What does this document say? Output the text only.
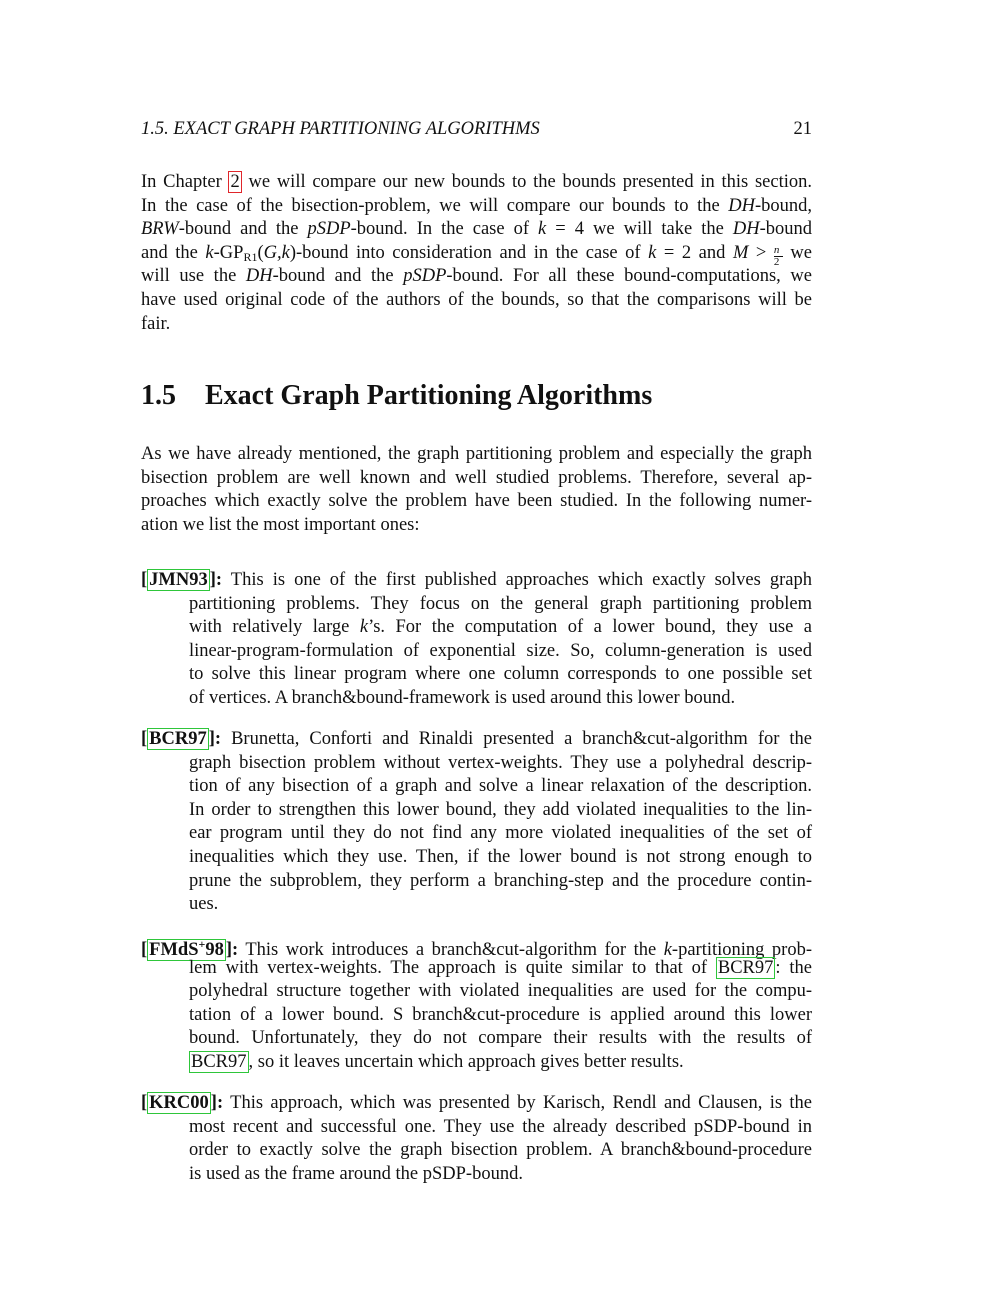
1.5. EXACT GRAPH PARTITIONING ALGORITHMS	21
In Chapter 2 we will compare our new bounds to the bounds presented in this section.
In the case of the bisection-problem, we will compare our bounds to the DH-bound,
BRW-bound and the pSDP-bound. In the case of k = 4 we will take the DH-bound
and the $k-GP_{R1}(G,k)$-bound into consideration and in the case of k = 2 and $M > \frac{n}{2}$ we
will use the DH-bound and the pSDP-bound. For all these bound-computations, we
have used original code of the authors of the bounds, so that the comparisons will be
fair.
1.5 Exact Graph Partitioning Algorithms
As we have already mentioned, the graph partitioning problem and especially the graph
bisection problem are well known and well studied problems. Therefore, several ap-
proaches which exactly solve the problem have been studied. In the following numer-
ation we list the most important ones:
[ JMN93 ]: This is one of the first published approaches which exactly solves graph
partitioning problems. They focus on the general graph partitioning problem
with relatively large k’s. For the computation of a lower bound, they use a
linear-program-formulation of exponential size. So, column-generation is used
to solve this linear program where one column corresponds to one possible set
of vertices. A branch&bound-framework is used around this lower bound.
[ BCR97 ]: Brunetta, Conforti and Rinaldi presented a branch&cut-algorithm for the
graph bisection problem without vertex-weights. They use a polyhedral descrip-
tion of any bisection of a graph and solve a linear relaxation of the description.
In order to strengthen this lower bound, they add violated inequalities to the lin-
ear program until they do not find any more violated inequalities of the set of
inequalities which they use. Then, if the lower bound is not strong enough to
prune the subproblem, they perform a branching-step and the procedure contin-
ues.
[ FMdS+98 ]: This work introduces a branch&cut-algorithm for the k-partitioning prob-
lem with vertex-weights. The approach is quite similar to that of BCR97 : the
polyhedral structure together with violated inequalities are used for the compu-
tation of a lower bound. S branch&cut-procedure is applied around this lower
bound. Unfortunately, they do not compare their results with the results of
BCR97 , so it leaves uncertain which approach gives better results.
[ KRC00 ]: This approach, which was presented by Karisch, Rendl and Clausen, is the
most recent and successful one. They use the already described pSDP-bound in
order to exactly solve the graph bisection problem. A branch&bound-procedure
is used as the frame around the pSDP-bound.
